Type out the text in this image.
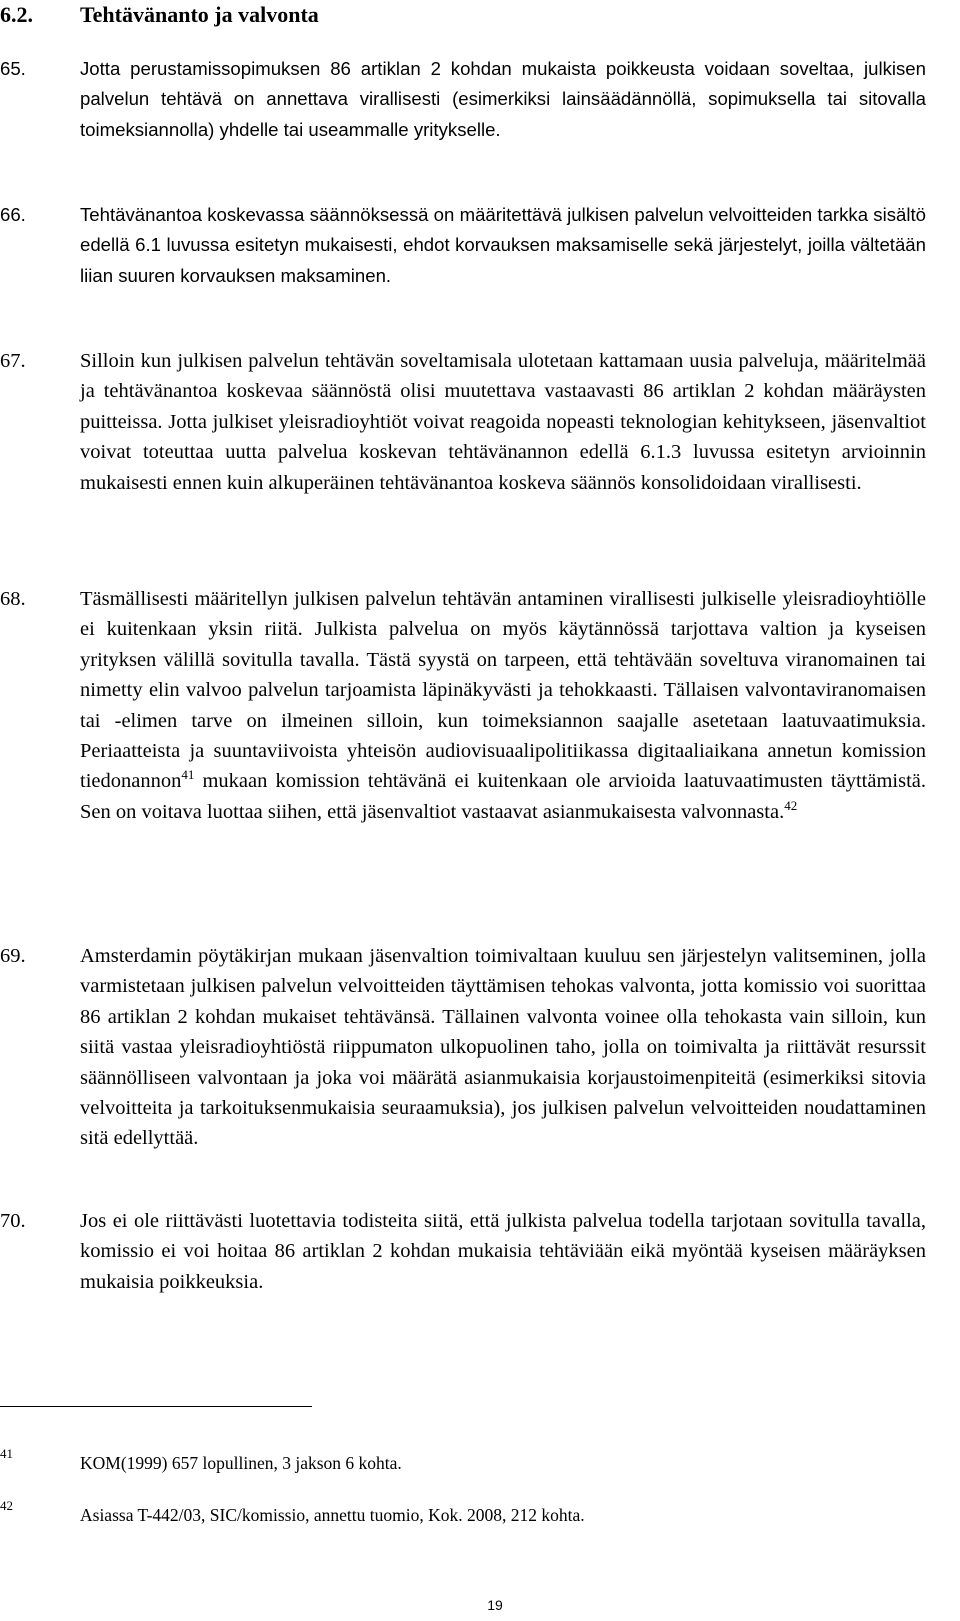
6.2. Tehtävänanto ja valvonta
65.	Jotta perustamissopimuksen 86 artiklan 2 kohdan mukaista poikkeusta voidaan soveltaa, julkisen palvelun tehtävä on annettava virallisesti (esimerkiksi lainsäädännöllä, sopimuksella tai sitovalla toimeksiannolla) yhdelle tai useammalle yritykselle.
66.	Tehtävänantoa koskevassa säännöksessä on määritettävä julkisen palvelun velvoitteiden tarkka sisältö edellä 6.1 luvussa esitetyn mukaisesti, ehdot korvauksen maksamiselle sekä järjestelyt, joilla vältetään liian suuren korvauksen maksaminen.
67.	Silloin kun julkisen palvelun tehtävän soveltamisala ulotetaan kattamaan uusia palveluja, määritelmää ja tehtävänantoa koskevaa säännöstä olisi muutettava vastaavasti 86 artiklan 2 kohdan määräysten puitteissa. Jotta julkiset yleisradioyhtiöt voivat reagoida nopeasti teknologian kehitykseen, jäsenvaltiot voivat toteuttaa uutta palvelua koskevan tehtävänannon edellä 6.1.3 luvussa esitetyn arvioinnin mukaisesti ennen kuin alkuperäinen tehtävänantoa koskeva säännös konsolidoidaan virallisesti.
68.	Täsmällisesti määritellyn julkisen palvelun tehtävän antaminen virallisesti julkiselle yleisradioyhtiölle ei kuitenkaan yksin riitä. Julkista palvelua on myös käytännössä tarjottava valtion ja kyseisen yrityksen välillä sovitulla tavalla. Tästä syystä on tarpeen, että tehtävään soveltuva viranomainen tai nimetty elin valvoo palvelun tarjoamista läpinäkyvästi ja tehokkaasti. Tällaisen valvontaviranomaisen tai -elimen tarve on ilmeinen silloin, kun toimeksiannon saajalle asetetaan laatuvaatimuksia. Periaatteista ja suuntaviivoista yhteisön audiovisuaalipolitiikassa digitaaliaikana annetun komission tiedonannon$^{41}$ mukaan komission tehtävänä ei kuitenkaan ole arvioida laatuvaatimusten täyttämistä. Sen on voitava luottaa siihen, että jäsenvaltiot vastaavat asianmukaisesta valvonnasta.$^{42}$
69.	Amsterdamin pöytäkirjan mukaan jäsenvaltion toimivaltaan kuuluu sen järjestelyn valitseminen, jolla varmistetaan julkisen palvelun velvoitteiden täyttämisen tehokas valvonta, jotta komissio voi suorittaa 86 artiklan 2 kohdan mukaiset tehtävänsä. Tällainen valvonta voinee olla tehokasta vain silloin, kun siitä vastaa yleisradioyhtiöstä riippumaton ulkopuolinen taho, jolla on toimivalta ja riittävät resurssit säännölliseen valvontaan ja joka voi määrätä asianmukaisia korjaustoimenpiteitä (esimerkiksi sitovia velvoitteita ja tarkoituksenmukaisia seuraamuksia), jos julkisen palvelun velvoitteiden noudattaminen sitä edellyttää.
70.	Jos ei ole riittävästi luotettavia todisteita siitä, että julkista palvelua todella tarjotaan sovitulla tavalla, komissio ei voi hoitaa 86 artiklan 2 kohdan mukaisia tehtäviään eikä myöntää kyseisen määräyksen mukaisia poikkeuksia.
41	KOM(1999) 657 lopullinen, 3 jakson 6 kohta.
42	Asiassa T-442/03, SIC/komissio, annettu tuomio, Kok. 2008, 212 kohta.
19
